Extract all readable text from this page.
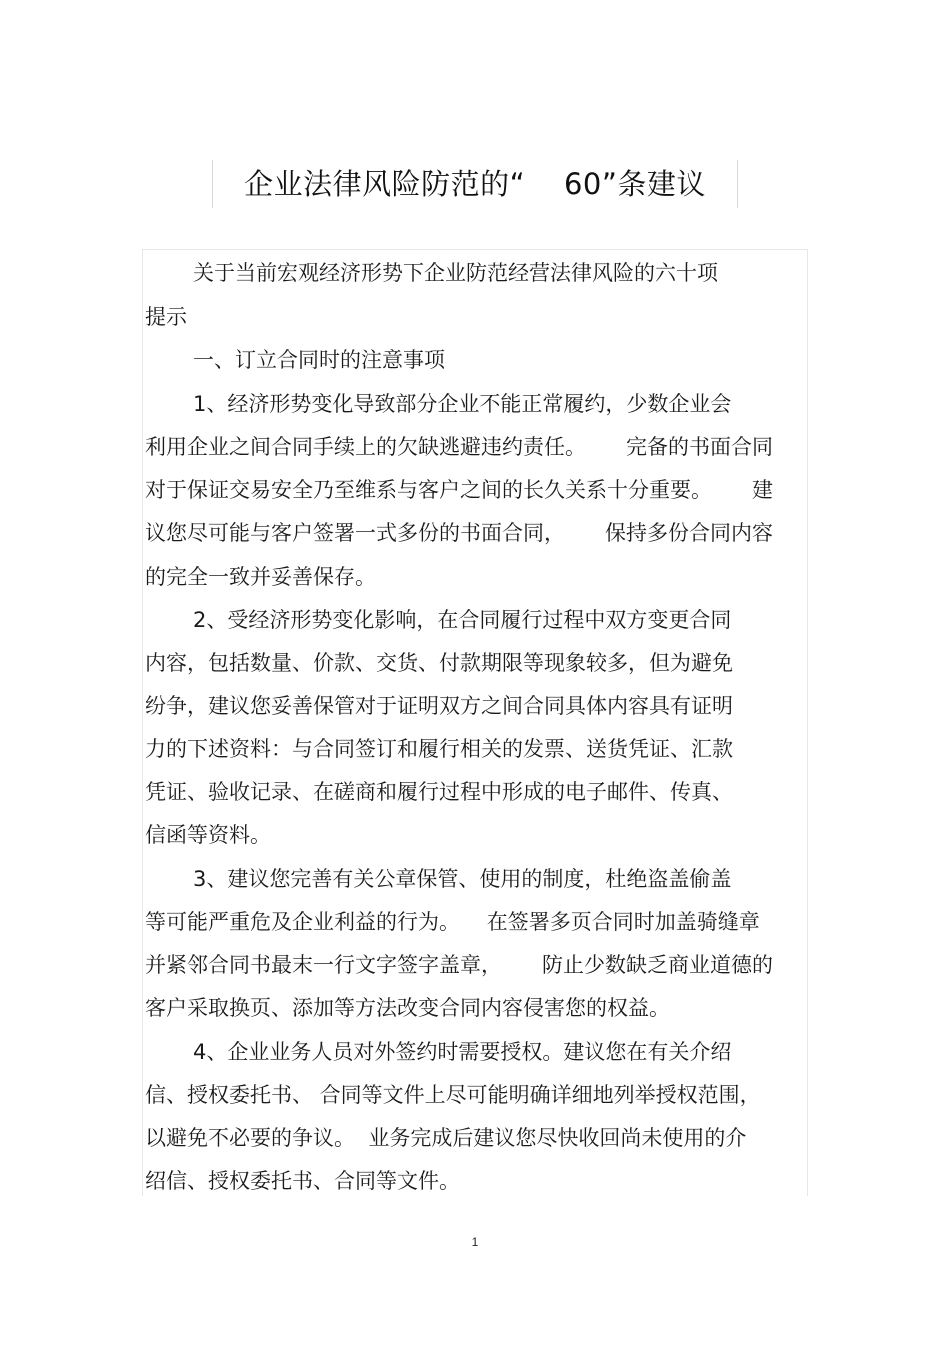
企业法律风险防范的“    60”条建议
关于当前宏观经济形势下企业防范经营法律风险的六十项
提示
一、订立合同时的注意事项
1、经济形势变化导致部分企业不能正常履约，少数企业会
利用企业之间合同手续上的欠缺逃避违约责任。      完备的书面合同
对于保证交易安全乃至维系与客户之间的长久关系十分重要。      建
议您尽可能与客户签署一式多份的书面合同，      保持多份合同内容
的完全一致并妥善保存。
2、受经济形势变化影响，在合同履行过程中双方变更合同
内容，包括数量、价款、交货、付款期限等现象较多，但为避免
纷争，建议您妥善保管对于证明双方之间合同具体内容具有证明
力的下述资料：与合同签订和履行相关的发票、送货凭证、汇款
凭证、验收记录、在磋商和履行过程中形成的电子邮件、传真、
信函等资料。
3、建议您完善有关公章保管、使用的制度，杜绝盗盖偷盖
等可能严重危及企业利益的行为。    在签署多页合同时加盖骑缝章
并紧邻合同书最末一行文字签字盖章，      防止少数缺乏商业道德的
客户采取换页、添加等方法改变合同内容侵害您的权益。
4、企业业务人员对外签约时需要授权。建议您在有关介绍
信、授权委托书、 合同等文件上尽可能明确详细地列举授权范围，
以避免不必要的争议。  业务完成后建议您尽快收回尚未使用的介
绍信、授权委托书、合同等文件。
1
